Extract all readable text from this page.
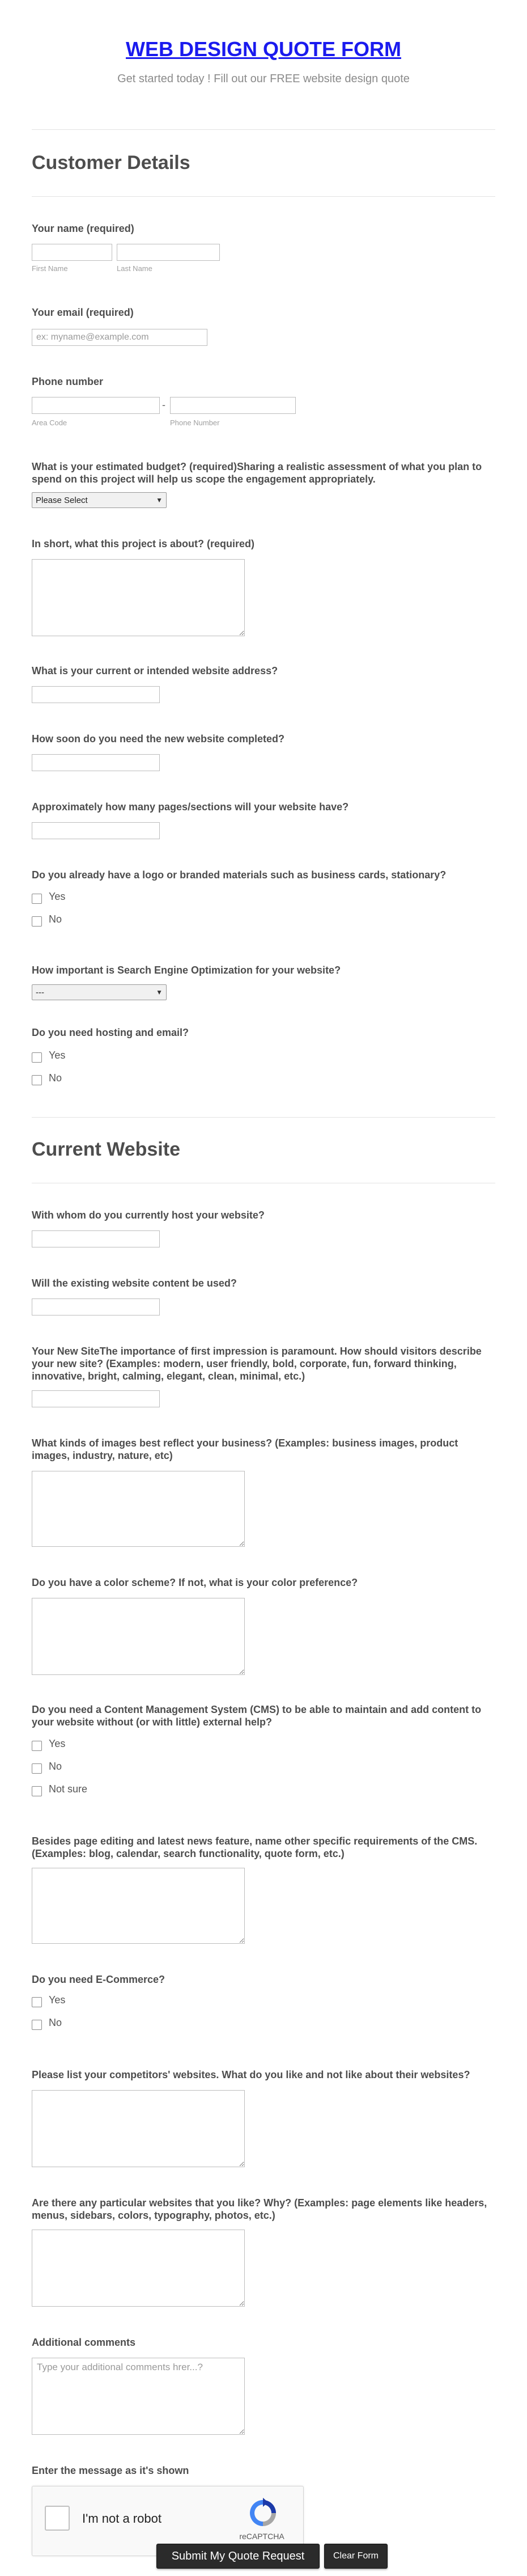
WEB DESIGN QUOTE FORM
Get started today ! Fill out our FREE website design quote
Customer Details
Your name (required)
First Name	Last Name
Your email (required)
ex: myname@example.com
Phone number
-
Area Code	Phone Number
What is your estimated budget? (required)Sharing a realistic assessment of what you plan to spend on this project will help us scope the engagement appropriately.
Please Select	▼
In short, what this project is about? (required)
What is your current or intended website address?
How soon do you need the new website completed?
Approximately how many pages/sections will your website have?
Do you already have a logo or branded materials such as business cards, stationary?
Yes
No
How important is Search Engine Optimization for your website?
---	▼
Do you need hosting and email?
Yes
No
Current Website
With whom do you currently host your website?
Will the existing website content be used?
Your New SiteThe importance of first impression is paramount. How should visitors describe your new site? (Examples: modern, user friendly, bold, corporate, fun, forward thinking, innovative, bright, calming, elegant, clean, minimal, etc.)
What kinds of images best reflect your business? (Examples: business images, product images, industry, nature, etc)
Do you have a color scheme? If not, what is your color preference?
Do you need a Content Management System (CMS) to be able to maintain and add content to your website without (or with little) external help?
Yes
No
Not sure
Besides page editing and latest news feature, name other specific requirements of the CMS. (Examples: blog, calendar, search functionality, quote form, etc.)
Do you need E-Commerce?
Yes
No
Please list your competitors' websites. What do you like and not like about their websites?
Are there any particular websites that you like? Why? (Examples: page elements like headers, menus, sidebars, colors, typography, photos, etc.)
Additional comments
Type your additional comments hrer...?
Enter the message as it's shown
I'm not a robot
reCAPTCHA
Submit My Quote Request	Clear Form
